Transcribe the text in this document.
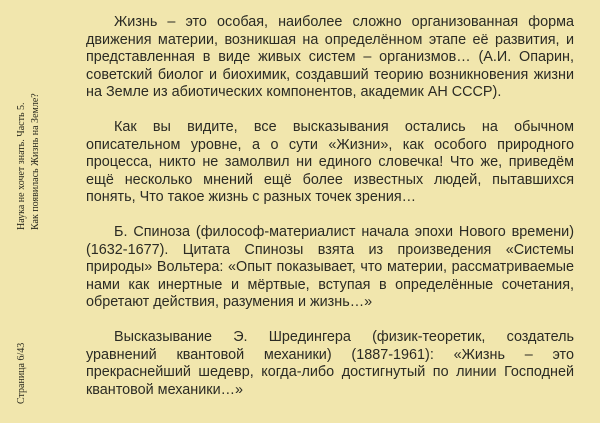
Страница 6/43
Наука не хочет знать. Часть 5. Как появилась Жизнь на Земле?

Жизнь – это особая, наиболее сложно организованная форма движения материи, возникшая на определённом этапе её развития, и представленная в виде живых систем – организмов… (А.И. Опарин, советский биолог и биохимик, создавший теорию возникновения жизни на Земле из абиотических компонентов, академик АН СССР).

Как вы видите, все высказывания остались на обычном описательном уровне, а о сути «Жизни», как особого природного процесса, никто не замолвил ни единого словечка! Что же, приведём ещё несколько мнений ещё более известных людей, пытавшихся понять, Что такое жизнь с разных точек зрения…

Б. Спиноза (философ-материалист начала эпохи Нового времени) (1632-1677). Цитата Спинозы взята из произведения «Системы природы» Вольтера: «Опыт показывает, что материи, рассматриваемые нами как инертные и мёртвые, вступая в определённые сочетания, обретают действия, разумения и жизнь…»

Высказывание Э. Шредингера (физик-теоретик, создатель уравнений квантовой механики) (1887-1961): «Жизнь – это прекраснейший шедевр, когда-либо достигнутый по линии Господней квантовой механики…»
